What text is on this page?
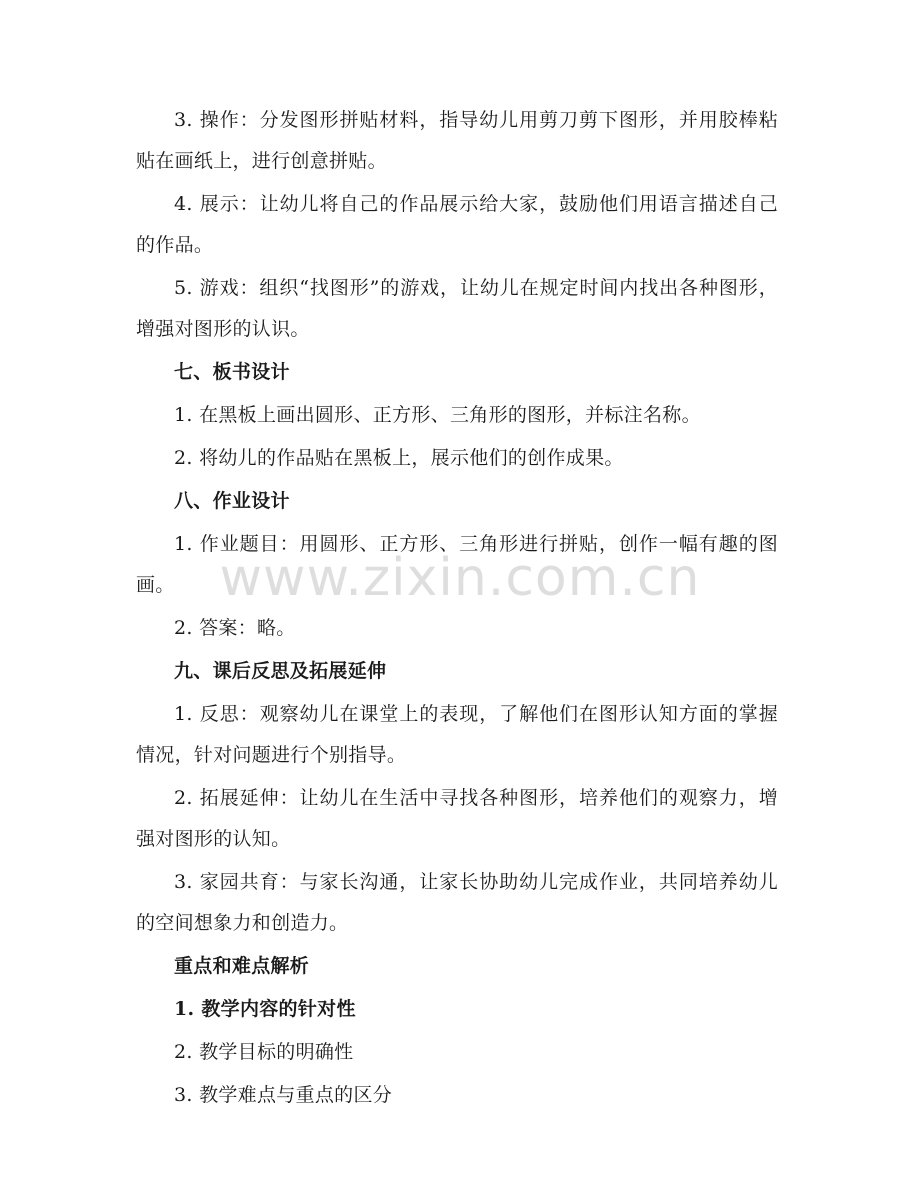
3. 操作：分发图形拼贴材料，指导幼儿用剪刀剪下图形，并用胶棒粘贴在画纸上，进行创意拼贴。

4. 展示：让幼儿将自己的作品展示给大家，鼓励他们用语言描述自己的作品。

5. 游戏：组织“找图形”的游戏，让幼儿在规定时间内找出各种图形，增强对图形的认识。

七、板书设计

1. 在黑板上画出圆形、正方形、三角形的图形，并标注名称。

2. 将幼儿的作品贴在黑板上，展示他们的创作成果。

八、作业设计

1. 作业题目：用圆形、正方形、三角形进行拼贴，创作一幅有趣的图画。

2. 答案：略。

九、课后反思及拓展延伸

1. 反思：观察幼儿在课堂上的表现，了解他们在图形认知方面的掌握情况，针对问题进行个别指导。

2. 拓展延伸：让幼儿在生活中寻找各种图形，培养他们的观察力，增强对图形的认知。

3. 家园共育：与家长沟通，让家长协助幼儿完成作业，共同培养幼儿的空间想象力和创造力。

重点和难点解析

1. 教学内容的针对性

2. 教学目标的明确性

3. 教学难点与重点的区分

www.zixin.com.cn
